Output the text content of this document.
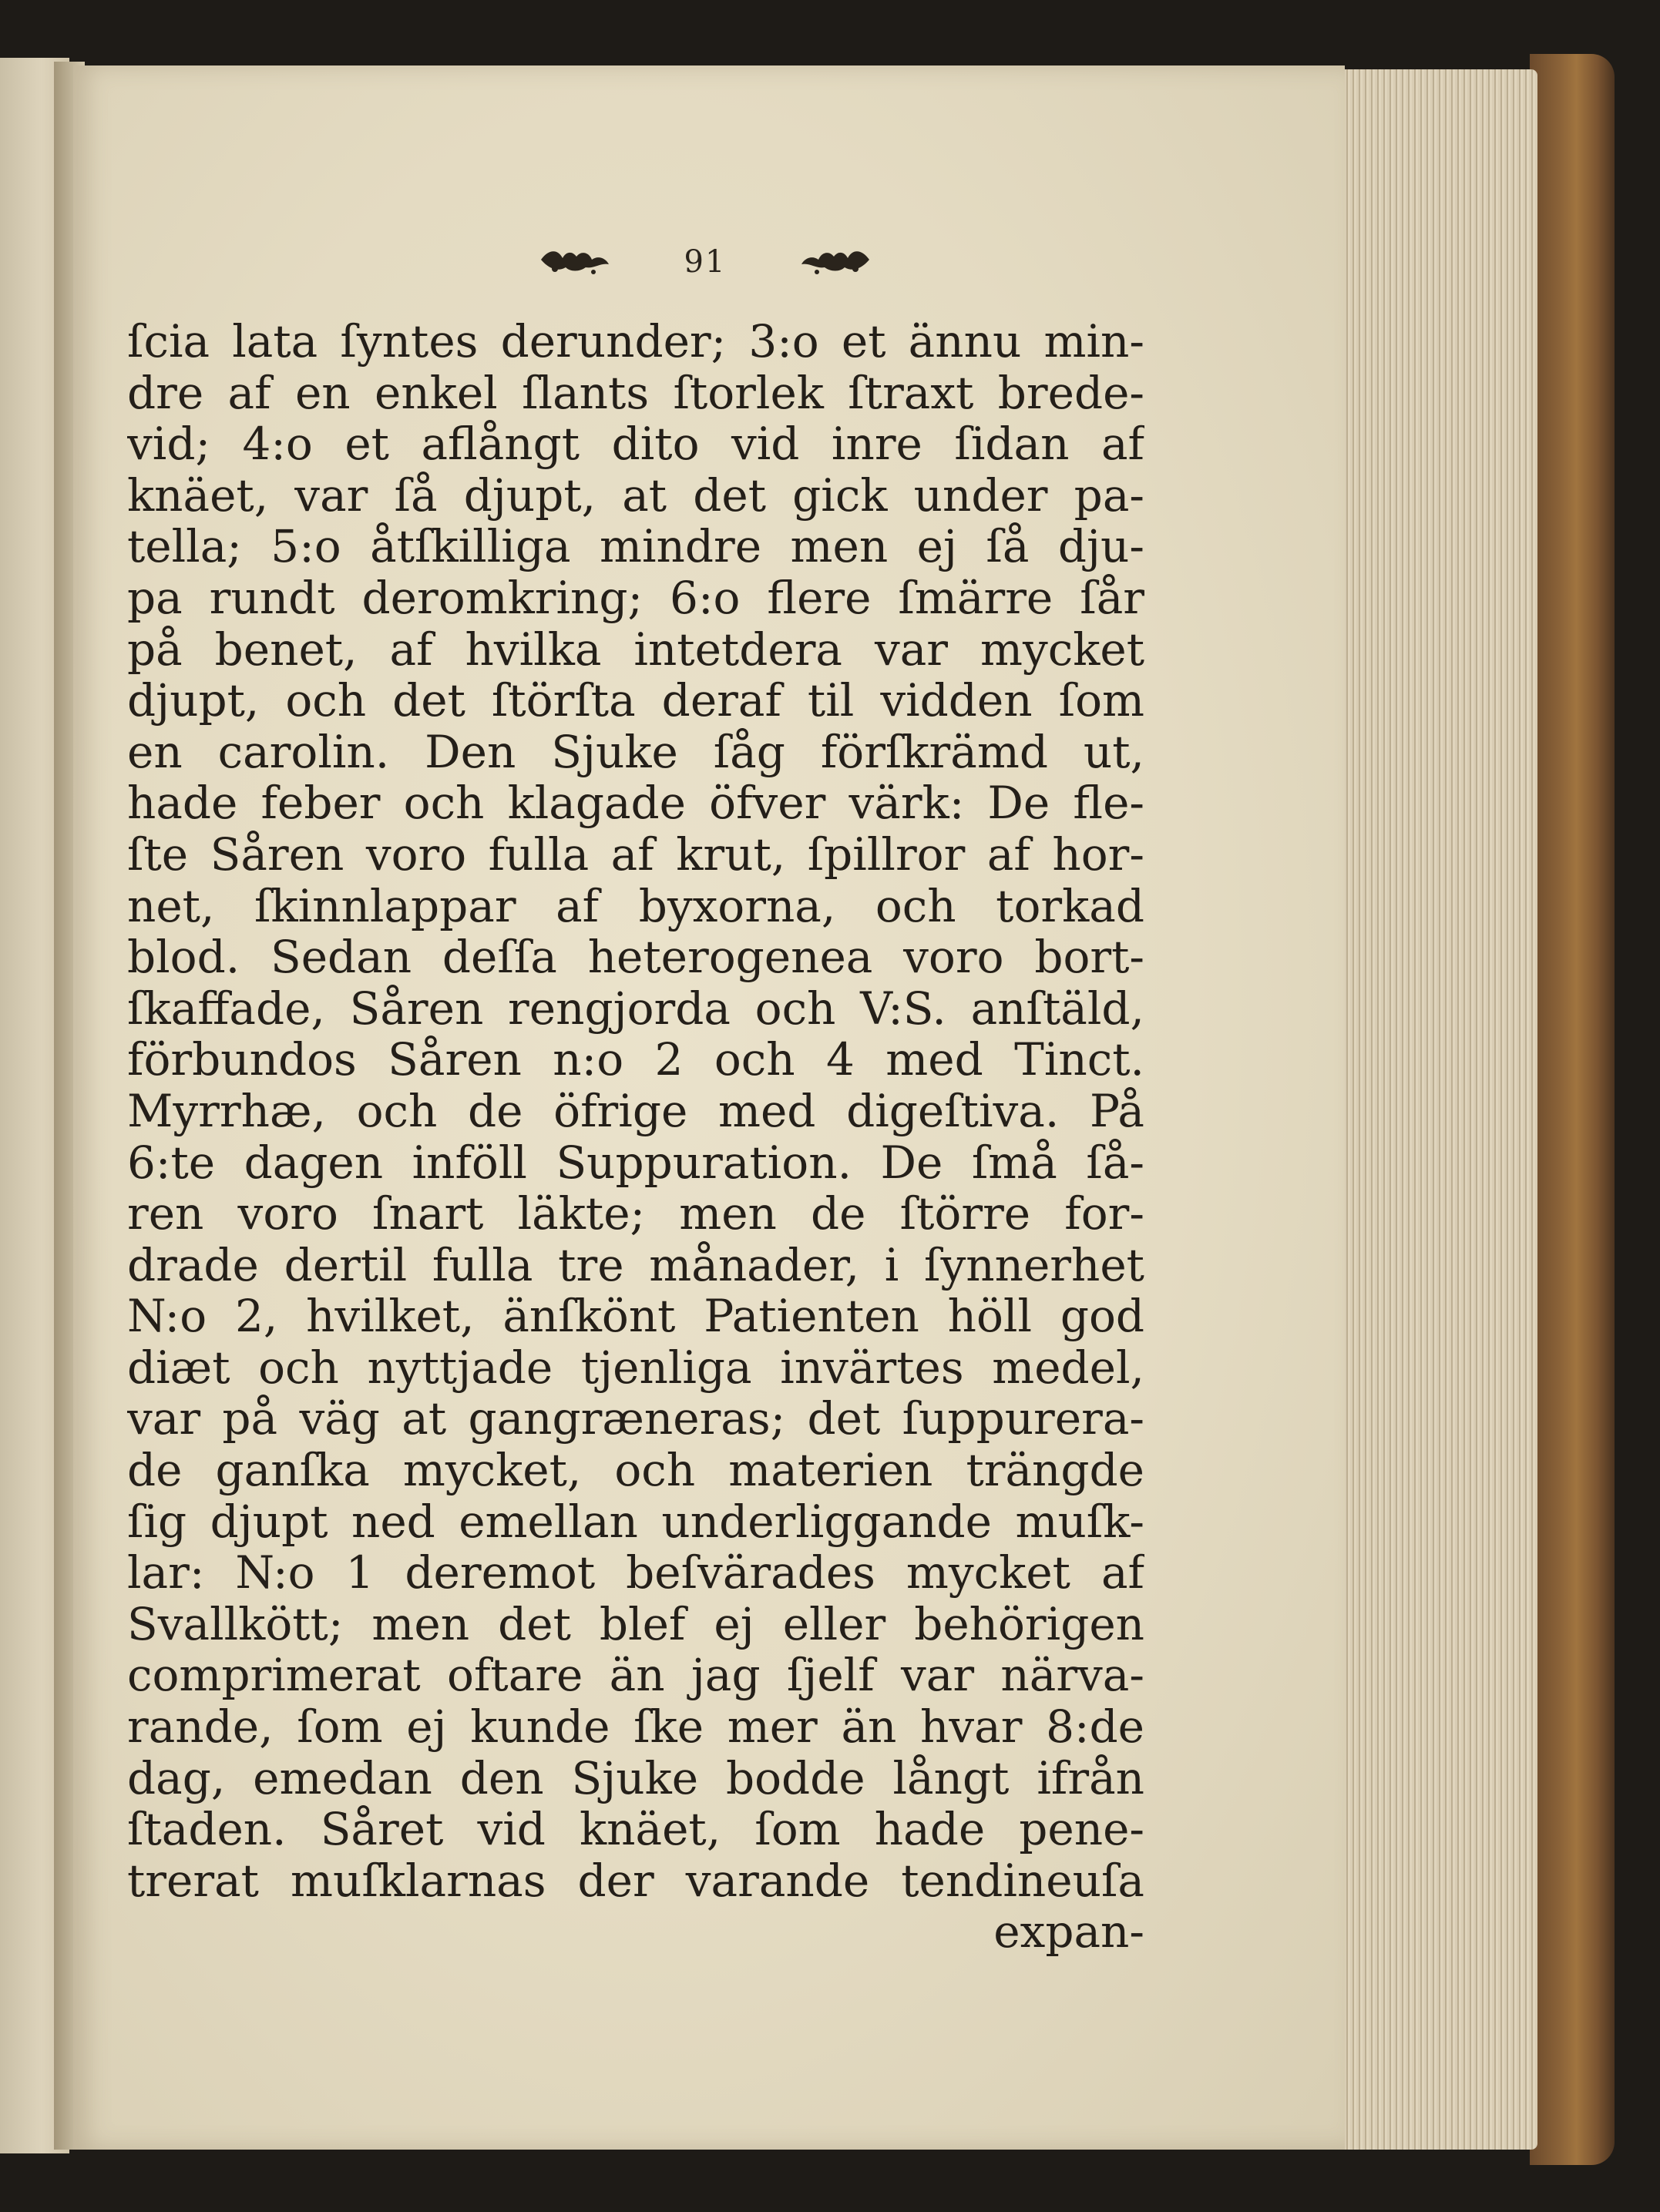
91
ſcia lata ſyntes derunder; 3:o et ännu min-
dre af en enkel ſlants ſtorlek ſtraxt brede-
vid; 4:o et aflångt dito vid inre ſidan af
knäet, var ſå djupt, at det gick under pa-
tella; 5:o åtſkilliga mindre men ej ſå dju-
pa rundt deromkring; 6:o flere ſmärre ſår
på benet, af hvilka intetdera var mycket
djupt, och det ſtörſta deraf til vidden ſom
en carolin. Den Sjuke ſåg förſkrämd ut,
hade feber och klagade öfver värk: De fle-
ſte Såren voro fulla af krut, ſpillror af hor-
net, ſkinnlappar af byxorna, och torkad
blod. Sedan deſſa heterogenea voro bort-
ſkaffade, Såren rengjorda och V:S. anſtäld,
förbundos Såren n:o 2 och 4 med Tinct.
Myrrhæ, och de öfrige med digeſtiva. På
6:te dagen inföll Suppuration. De ſmå ſå-
ren voro ſnart läkte; men de ſtörre for-
drade dertil fulla tre månader, i ſynnerhet
N:o 2, hvilket, änſkönt Patienten höll god
diæt och nyttjade tjenliga invärtes medel,
var på väg at gangræneras; det ſuppurera-
de ganſka mycket, och materien trängde
ſig djupt ned emellan underliggande muſk-
lar: N:o 1 deremot beſvärades mycket af
Svallkött; men det blef ej eller behörigen
comprimerat oftare än jag ſjelf var närva-
rande, ſom ej kunde ſke mer än hvar 8:de
dag, emedan den Sjuke bodde långt ifrån
ſtaden. Såret vid knäet, ſom hade pene-
trerat muſklarnas der varande tendineuſa
expan-
